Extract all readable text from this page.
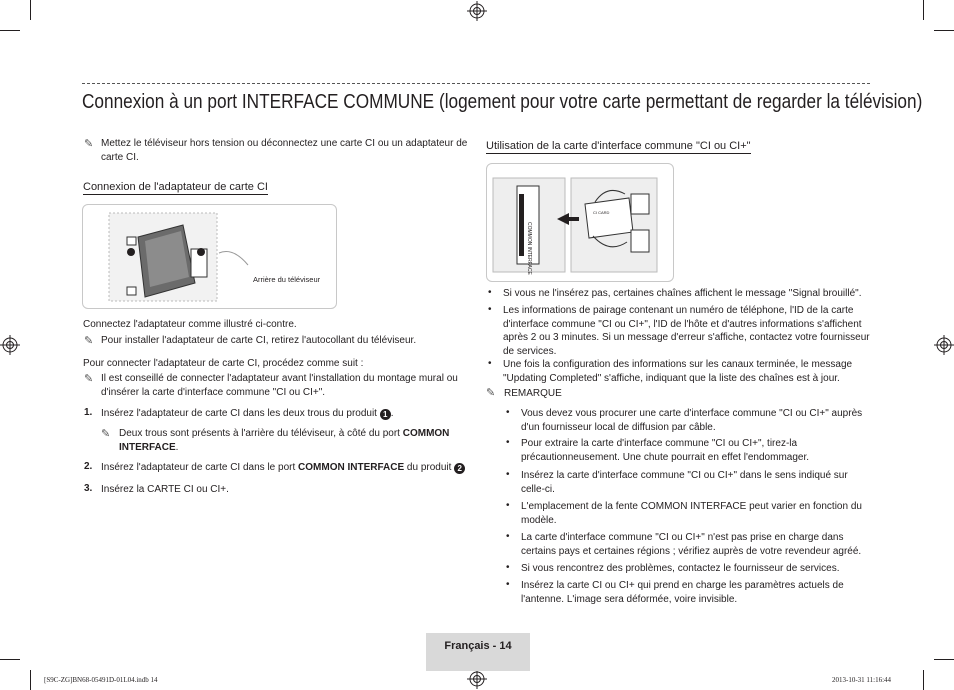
Connexion à un port INTERFACE COMMUNE (logement pour votre carte permettant de regarder la télévision)
✎ Mettez le téléviseur hors tension ou déconnectez une carte CI ou un adaptateur de carte CI.
Connexion de l'adaptateur de carte CI
Arrière du téléviseur
Connectez l'adaptateur comme illustré ci-contre.
✎ Pour installer l'adaptateur de carte CI, retirez l'autocollant du téléviseur.
Pour connecter l'adaptateur de carte CI, procédez comme suit :
✎ Il est conseillé de connecter l'adaptateur avant l'installation du montage mural ou d'insérer la carte d'interface commune "CI ou CI+".
1. Insérez l'adaptateur de carte CI dans les deux trous du produit 1 .
✎ Deux trous sont présents à l'arrière du téléviseur, à côté du port COMMON INTERFACE.
2. Insérez l'adaptateur de carte CI dans le port COMMON INTERFACE du produit 2
3. Insérez la CARTE CI ou CI+.
Utilisation de la carte d'interface commune "CI ou CI+"
COMMON INTERFACE
CI CARD
• Si vous ne l'insérez pas, certaines chaînes affichent le message "Signal brouillé".
• Les informations de pairage contenant un numéro de téléphone, l'ID de la carte d'interface commune "CI ou CI+", l'ID de l'hôte et d'autres informations s'affichent après 2 ou 3 minutes. Si un message d'erreur s'affiche, contactez votre fournisseur de services.
• Une fois la configuration des informations sur les canaux terminée, le message "Updating Completed" s'affiche, indiquant que la liste des chaînes est à jour.
✎ REMARQUE
• Vous devez vous procurer une carte d'interface commune "CI ou CI+" auprès d'un fournisseur local de diffusion par câble.
• Pour extraire la carte d'interface commune "CI ou CI+", tirez-la précautionneusement. Une chute pourrait en effet l'endommager.
• Insérez la carte d'interface commune "CI ou CI+" dans le sens indiqué sur celle-ci.
• L'emplacement de la fente COMMON INTERFACE peut varier en fonction du modèle.
• La carte d'interface commune "CI ou CI+" n'est pas prise en charge dans certains pays et certaines régions ; vérifiez auprès de votre revendeur agréé.
• Si vous rencontrez des problèmes, contactez le fournisseur de services.
• Insérez la carte CI ou CI+ qui prend en charge les paramètres actuels de l'antenne. L'image sera déformée, voire invisible.
Français - 14
[S9C-ZG]BN68-05491D-01L04.indb 14	2013-10-31 11:16:44
